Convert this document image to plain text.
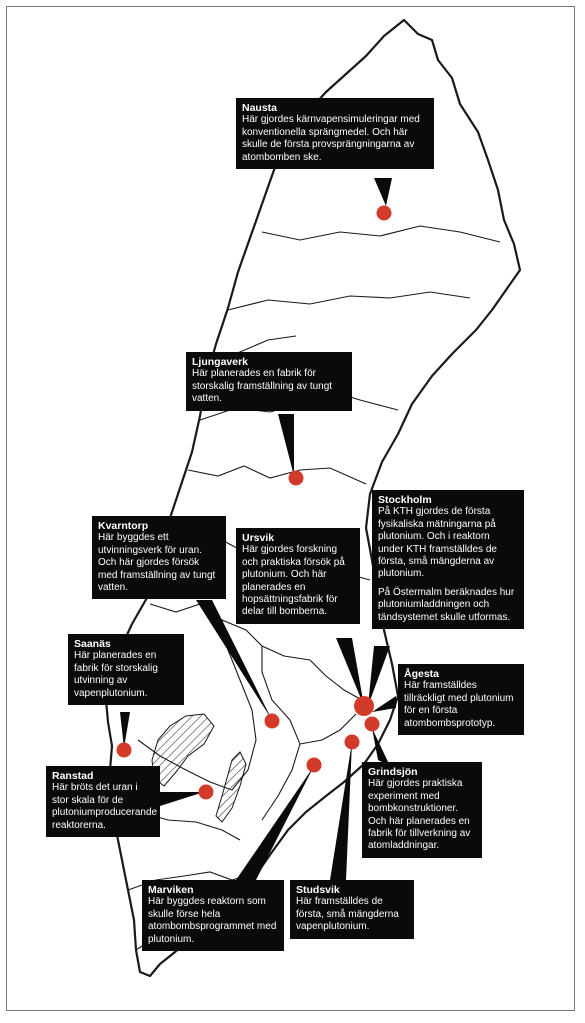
Nausta
Här gjordes kärnvapensimuleringar med konventionella sprängmedel. Och här skulle de första provsprängningarna av atombomben ske.
Ljungaverk
Här planerades en fabrik för storskalig framställning av tungt vatten.
Stockholm
På KTH gjordes de första fysikaliska mätningarna på plutonium. Och i reaktorn under KTH framställdes de första, små mängderna av plutonium.
På Östermalm beräknades hur plutoniumladdningen och tändsystemet skulle utformas.
Kvarntorp
Här byggdes ett utvinningsverk för uran. Och här gjordes försök med framställning av tungt vatten.
Ursvik
Här gjordes forskning och praktiska försök på plutonium. Och här planerades en hopsättningsfabrik för delar till bomberna.
Ågesta
Här framställdes tillräckligt med plutonium för en första atombombsprototyp.
Saanäs
Här planerades en fabrik för storskalig utvinning av vapenplutonium.
Ranstad
Här bröts det uran i stor skala för de plutoniumproducerande reaktorerna.
Grindsjön
Här gjordes praktiska experiment med bombkonstruktioner. Och här planerades en fabrik för tillverkning av atomladdningar.
Marviken
Här byggdes reaktorn som skulle förse hela atombombsprogrammet med plutonium.
Studsvik
Här framställdes de första, små mängderna vapenplutonium.
